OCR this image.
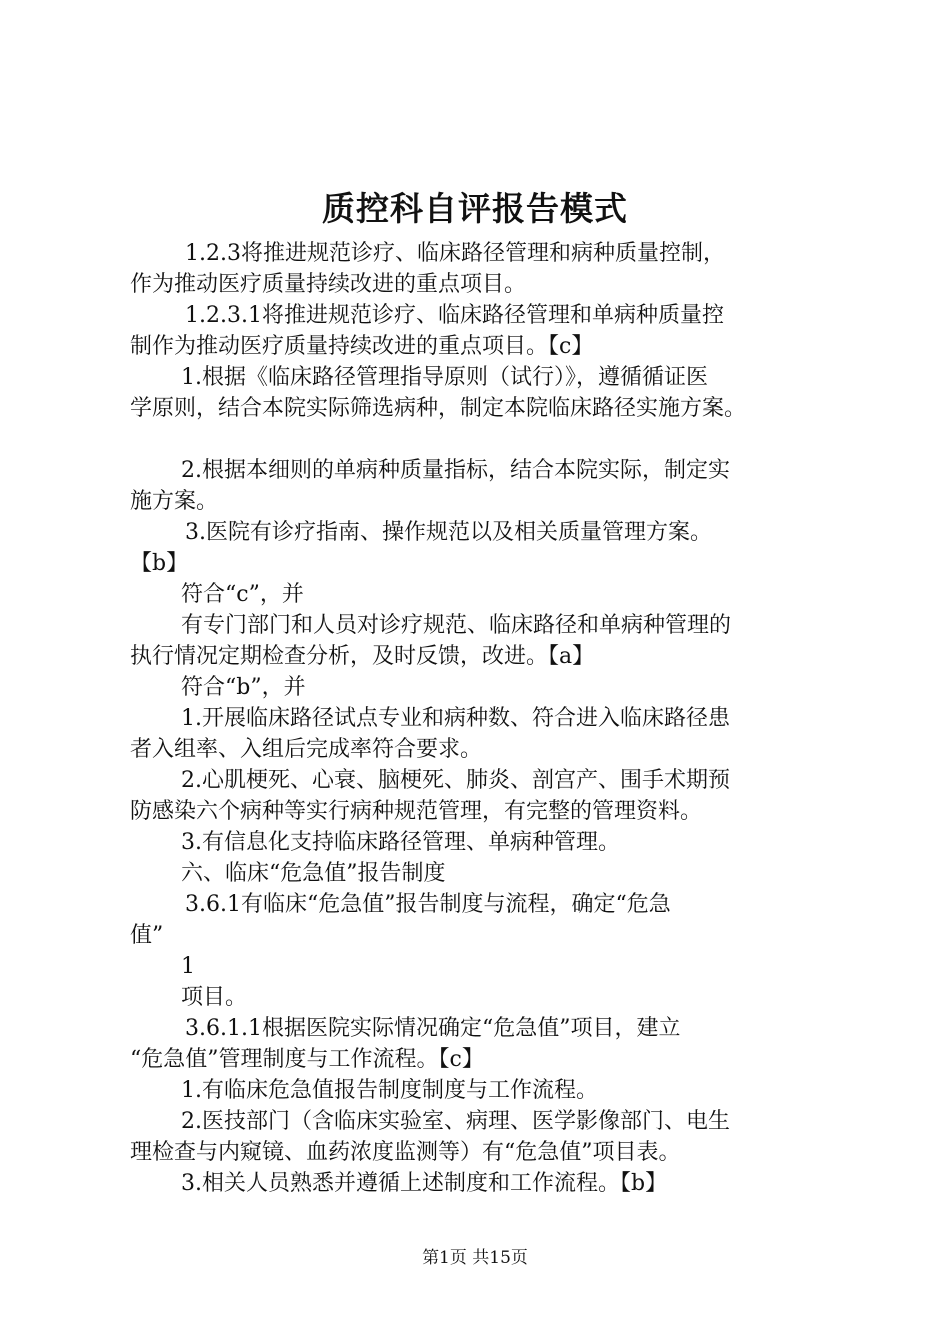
质控科自评报告模式
1.2.3将推进规范诊疗、临床路径管理和病种质量控制，
作为推动医疗质量持续改进的重点项目。
1.2.3.1将推进规范诊疗、临床路径管理和单病种质量控
制作为推动医疗质量持续改进的重点项目。【c】
1.根据《临床路径管理指导原则（试行）》，遵循循证医
学原则，结合本院实际筛选病种，制定本院临床路径实施方案。
2.根据本细则的单病种质量指标，结合本院实际，制定实
施方案。
3.医院有诊疗指南、操作规范以及相关质量管理方案。
【b】
符合“c”，并
有专门部门和人员对诊疗规范、临床路径和单病种管理的
执行情况定期检查分析，及时反馈，改进。【a】
符合“b”，并
1.开展临床路径试点专业和病种数、符合进入临床路径患
者入组率、入组后完成率符合要求。
2.心肌梗死、心衰、脑梗死、肺炎、剖宫产、围手术期预
防感染六个病种等实行病种规范管理，有完整的管理资料。
3.有信息化支持临床路径管理、单病种管理。
六、临床“危急值”报告制度
3.6.1有临床“危急值”报告制度与流程，确定“危急
值”
1
项目。
3.6.1.1根据医院实际情况确定“危急值”项目，建立
“危急值”管理制度与工作流程。【c】
1.有临床危急值报告制度制度与工作流程。
2.医技部门（含临床实验室、病理、医学影像部门、电生
理检查与内窥镜、血药浓度监测等）有“危急值”项目表。
3.相关人员熟悉并遵循上述制度和工作流程。【b】
第1页 共15页
